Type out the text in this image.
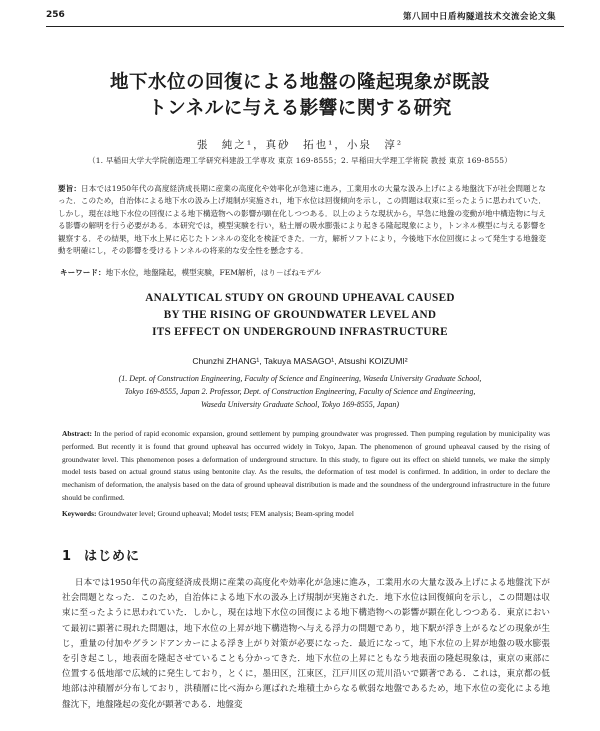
256	第八回中日盾构隧道技术交流会论文集
地下水位の回復による地盤の隆起現象が既設
トンネルに与える影響に関する研究
張　純之¹，真砂　拓也¹，小泉　淳²
（1. 早稲田大学大学院創造理工学研究科建設工学専攻 東京 169-8555；2. 早稲田大学理工学術院 教授 東京 169-8555）
要旨：日本では1950年代の高度経済成長期に産業の高度化や効率化が急速に進み，工業用水の大量な汲み上げによる地盤沈下が社会問題となった．このため，自治体による地下水の汲み上げ規制が実施され，地下水位は回復傾向を示し，この問題は収束に至ったように思われていた．しかし，現在は地下水位の回復による地下構造物への影響が顕在化しつつある．以上のような現状から，早急に地盤の変動が地中構造物に与える影響の解明を行う必要がある．本研究では，模型実験を行い，粘土層の吸水膨張により起きる隆起現象により，トンネル模型に与える影響を観察する．その結果，地下水上昇に応じたトンネルの変化を検証できた．一方，解析ソフトにより，今後地下水位回復によって発生する地盤変動を明確にし，その影響を受けるトンネルの将来的な安全性を懸念する．
キーワード：地下水位，地盤隆起，模型実験，FEM解析，はり－ばねモデル
ANALYTICAL STUDY ON GROUND UPHEAVAL CAUSED
BY THE RISING OF GROUNDWATER LEVEL AND
ITS EFFECT ON UNDERGROUND INFRASTRUCTURE
Chunzhi ZHANG¹, Takuya MASAGO¹, Atsushi KOIZUMI²
(1. Dept. of Construction Engineering, Faculty of Science and Engineering, Waseda University Graduate School,
Tokyo 169-8555, Japan 2. Professor, Dept. of Construction Engineering, Faculty of Science and Engineering,
Waseda University Graduate School, Tokyo 169-8555, Japan)
Abstract: In the period of rapid economic expansion, ground settlement by pumping groundwater was progressed. Then pumping regulation by municipality was performed. But recently it is found that ground upheaval has occurred widely in Tokyo, Japan. The phenomenon of ground upheaval caused by the rising of groundwater level. This phenomenon poses a deformation of underground structure. In this study, to figure out its effect on shield tunnels, we make the simply model tests based on actual ground status using bentonite clay. As the results, the deformation of test model is confirmed. In addition, in order to declare the mechanism of deformation, the analysis based on the data of ground upheaval distribution is made and the soundness of the underground infrastructure in the future should be confirmed.
Keywords: Groundwater level; Ground upheaval; Model tests; FEM analysis; Beam-spring model
1 はじめに
日本では1950年代の高度経済成長期に産業の高度化や効率化が急速に進み，工業用水の大量な汲み上げによる地盤沈下が社会問題となった．このため，自治体による地下水の汲み上げ規制が実施された．地下水位は回復傾向を示し，この問題は収束に至ったように思われていた．しかし，現在は地下水位の回復による地下構造物への影響が顕在化しつつある．東京において最初に顕著に現れた問題は，地下水位の上昇が地下構造物へ与える浮力の問題であり，地下駅が浮き上がるなどの現象が生じ，重量の付加やグランドアンカーによる浮き上がり対策が必要になった．最近になって，地下水位の上昇が地盤の吸水膨張を引き起こし，地表面を隆起させていることも分かってきた．地下水位の上昇にともなう地表面の隆起現象は，東京の東部に位置する低地部で広域的に発生しており，とくに，墨田区，江東区，江戸川区の荒川沿いで顕著である．これは，東京都の低地部は沖積層が分布しており，洪積層に比べ海から運ばれた堆積土からなる軟弱な地盤であるため，地下水位の変化による地盤沈下，地盤隆起の変化が顕著である．地盤変
